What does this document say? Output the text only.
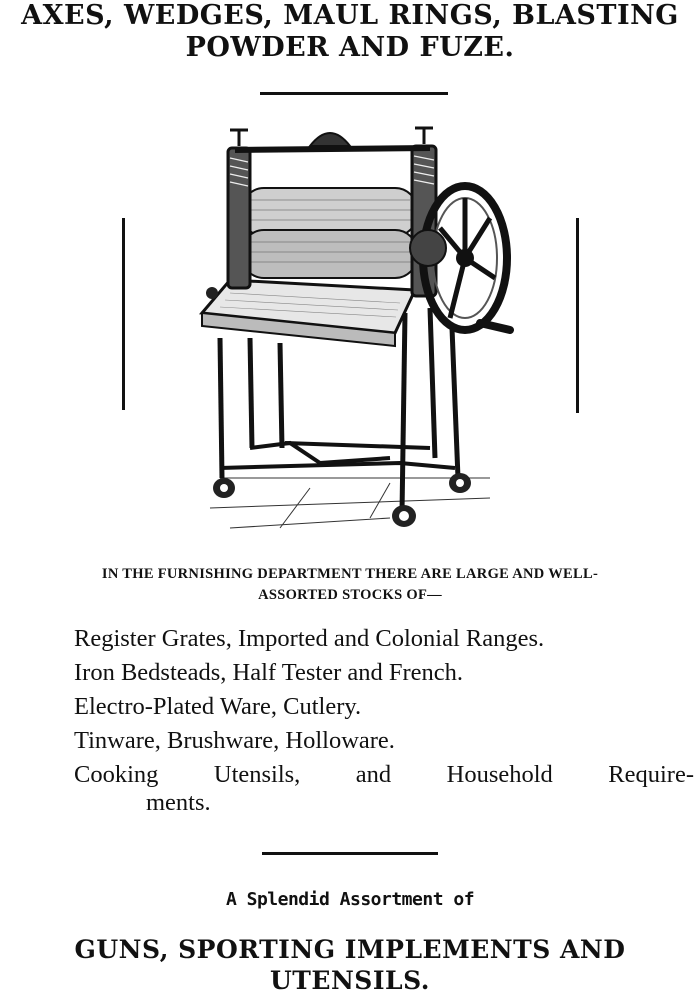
AXES, WEDGES, MAUL RINGS, BLASTING
POWDER AND FUZE.
IN THE FURNISHING DEPARTMENT THERE ARE LARGE AND WELL-
ASSORTED STOCKS OF—
Register Grates, Imported and Colonial Ranges.
Iron Bedsteads, Half Tester and French.
Electro-Plated Ware, Cutlery.
Tinware, Brushware, Holloware.
Cooking Utensils, and Household Require-
ments.
A Splendid Assortment of
GUNS, SPORTING IMPLEMENTS AND
UTENSILS.
